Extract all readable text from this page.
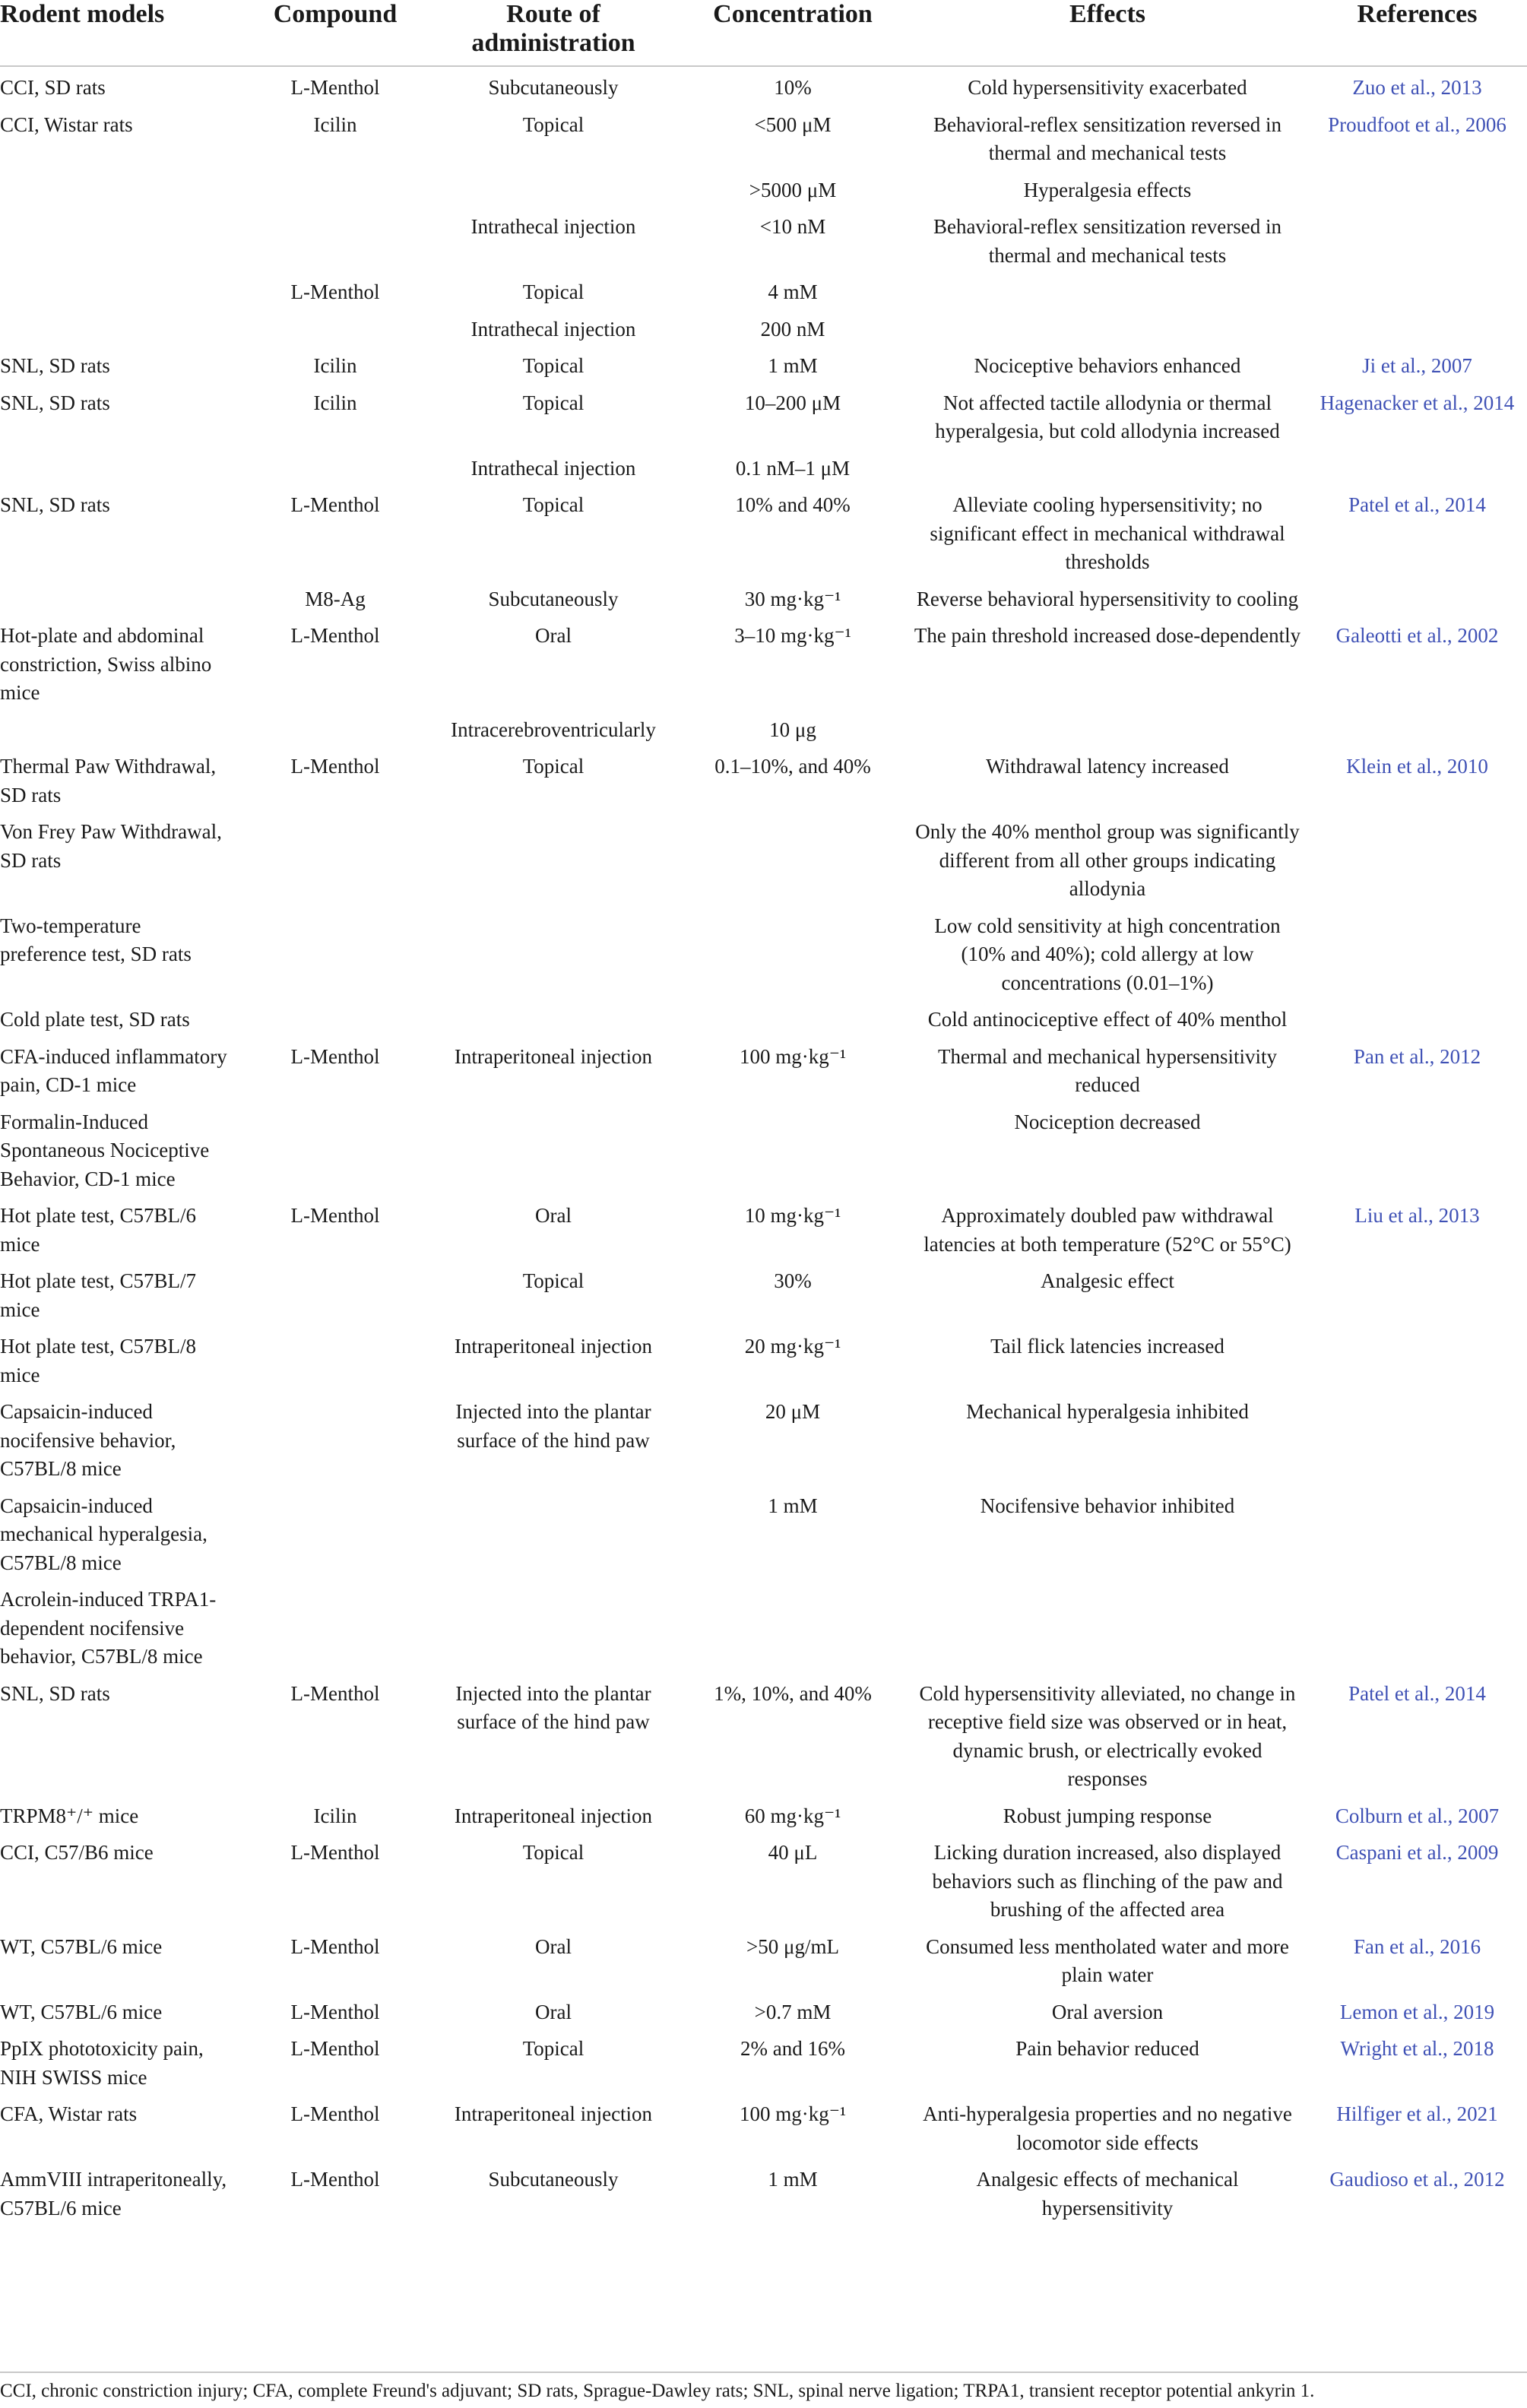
Rodent models	Compound	Route of administration	Concentration	Effects	References
CCI, SD rats	L-Menthol	Subcutaneously	10%	Cold hypersensitivity exacerbated	Zuo et al., 2013
CCI, Wistar rats	Icilin	Topical	<500 μM	Behavioral-reflex sensitization reversed in thermal and mechanical tests	Proudfoot et al., 2006
			>5000 μM	Hyperalgesia effects	
		Intrathecal injection	<10 nM	Behavioral-reflex sensitization reversed in thermal and mechanical tests	
	L-Menthol	Topical	4 mM		
		Intrathecal injection	200 nM		
SNL, SD rats	Icilin	Topical	1 mM	Nociceptive behaviors enhanced	Ji et al., 2007
SNL, SD rats	Icilin	Topical	10–200 μM	Not affected tactile allodynia or thermal hyperalgesia, but cold allodynia increased	Hagenacker et al., 2014
		Intrathecal injection	0.1 nM–1 μM		
SNL, SD rats	L-Menthol	Topical	10% and 40%	Alleviate cooling hypersensitivity; no significant effect in mechanical withdrawal thresholds	Patel et al., 2014
	M8-Ag	Subcutaneously	30 mg·kg⁻¹	Reverse behavioral hypersensitivity to cooling	
Hot-plate and abdominal constriction, Swiss albino mice	L-Menthol	Oral	3–10 mg·kg⁻¹	The pain threshold increased dose-dependently	Galeotti et al., 2002
		Intracerebroventricularly	10 μg		
Thermal Paw Withdrawal, SD rats	L-Menthol	Topical	0.1–10%, and 40%	Withdrawal latency increased	Klein et al., 2010
Von Frey Paw Withdrawal, SD rats				Only the 40% menthol group was significantly different from all other groups indicating allodynia	
Two-temperature preference test, SD rats				Low cold sensitivity at high concentration (10% and 40%); cold allergy at low concentrations (0.01–1%)	
Cold plate test, SD rats				Cold antinociceptive effect of 40% menthol	
CFA-induced inflammatory pain, CD-1 mice	L-Menthol	Intraperitoneal injection	100 mg·kg⁻¹	Thermal and mechanical hypersensitivity reduced	Pan et al., 2012
Formalin-Induced Spontaneous Nociceptive Behavior, CD-1 mice				Nociception decreased	
Hot plate test, C57BL/6 mice	L-Menthol	Oral	10 mg·kg⁻¹	Approximately doubled paw withdrawal latencies at both temperature (52°C or 55°C)	Liu et al., 2013
Hot plate test, C57BL/7 mice		Topical	30%	Analgesic effect	
Hot plate test, C57BL/8 mice		Intraperitoneal injection	20 mg·kg⁻¹	Tail flick latencies increased	
Capsaicin-induced nocifensive behavior, C57BL/8 mice		Injected into the plantar surface of the hind paw	20 μM	Mechanical hyperalgesia inhibited	
Capsaicin-induced mechanical hyperalgesia, C57BL/8 mice			1 mM	Nocifensive behavior inhibited	
Acrolein-induced TRPA1-dependent nocifensive behavior, C57BL/8 mice					
SNL, SD rats	L-Menthol	Injected into the plantar surface of the hind paw	1%, 10%, and 40%	Cold hypersensitivity alleviated, no change in receptive field size was observed or in heat, dynamic brush, or electrically evoked responses	Patel et al., 2014
TRPM8⁺/⁺ mice	Icilin	Intraperitoneal injection	60 mg·kg⁻¹	Robust jumping response	Colburn et al., 2007
CCI, C57/B6 mice	L-Menthol	Topical	40 μL	Licking duration increased, also displayed behaviors such as flinching of the paw and brushing of the affected area	Caspani et al., 2009
WT, C57BL/6 mice	L-Menthol	Oral	>50 μg/mL	Consumed less mentholated water and more plain water	Fan et al., 2016
WT, C57BL/6 mice	L-Menthol	Oral	>0.7 mM	Oral aversion	Lemon et al., 2019
PpIX phototoxicity pain, NIH SWISS mice	L-Menthol	Topical	2% and 16%	Pain behavior reduced	Wright et al., 2018
CFA, Wistar rats	L-Menthol	Intraperitoneal injection	100 mg·kg⁻¹	Anti-hyperalgesia properties and no negative locomotor side effects	Hilfiger et al., 2021
AmmVIII intraperitoneally, C57BL/6 mice	L-Menthol	Subcutaneously	1 mM	Analgesic effects of mechanical hypersensitivity	Gaudioso et al., 2012
CCI, chronic constriction injury; CFA, complete Freund's adjuvant; SD rats, Sprague-Dawley rats; SNL, spinal nerve ligation; TRPA1, transient receptor potential ankyrin 1.
